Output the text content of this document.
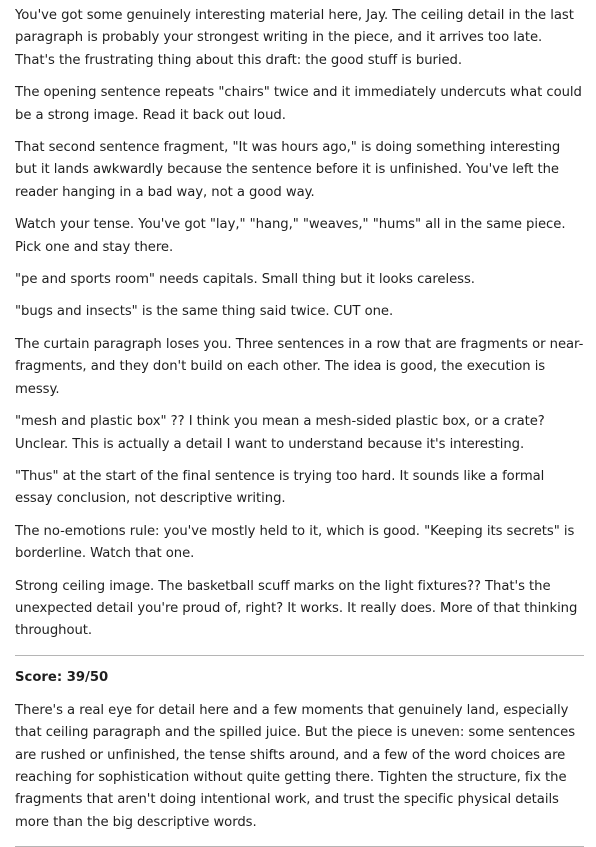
You've got some genuinely interesting material here, Jay. The ceiling detail in the last paragraph is probably your strongest writing in the piece, and it arrives too late. That's the frustrating thing about this draft: the good stuff is buried.

The opening sentence repeats "chairs" twice and it immediately undercuts what could be a strong image. Read it back out loud.

That second sentence fragment, "It was hours ago," is doing something interesting but it lands awkwardly because the sentence before it is unfinished. You've left the reader hanging in a bad way, not a good way.

Watch your tense. You've got "lay," "hang," "weaves," "hums" all in the same piece. Pick one and stay there.

"pe and sports room" needs capitals. Small thing but it looks careless.

"bugs and insects" is the same thing said twice. CUT one.

The curtain paragraph loses you. Three sentences in a row that are fragments or near-fragments, and they don't build on each other. The idea is good, the execution is messy.

"mesh and plastic box" ?? I think you mean a mesh-sided plastic box, or a crate? Unclear. This is actually a detail I want to understand because it's interesting.

"Thus" at the start of the final sentence is trying too hard. It sounds like a formal essay conclusion, not descriptive writing.

The no-emotions rule: you've mostly held to it, which is good. "Keeping its secrets" is borderline. Watch that one.

Strong ceiling image. The basketball scuff marks on the light fixtures?? That's the unexpected detail you're proud of, right? It works. It really does. More of that thinking throughout.

Score: 39/50

There's a real eye for detail here and a few moments that genuinely land, especially that ceiling paragraph and the spilled juice. But the piece is uneven: some sentences are rushed or unfinished, the tense shifts around, and a few of the word choices are reaching for sophistication without quite getting there. Tighten the structure, fix the fragments that aren't doing intentional work, and trust the specific physical details more than the big descriptive words.
